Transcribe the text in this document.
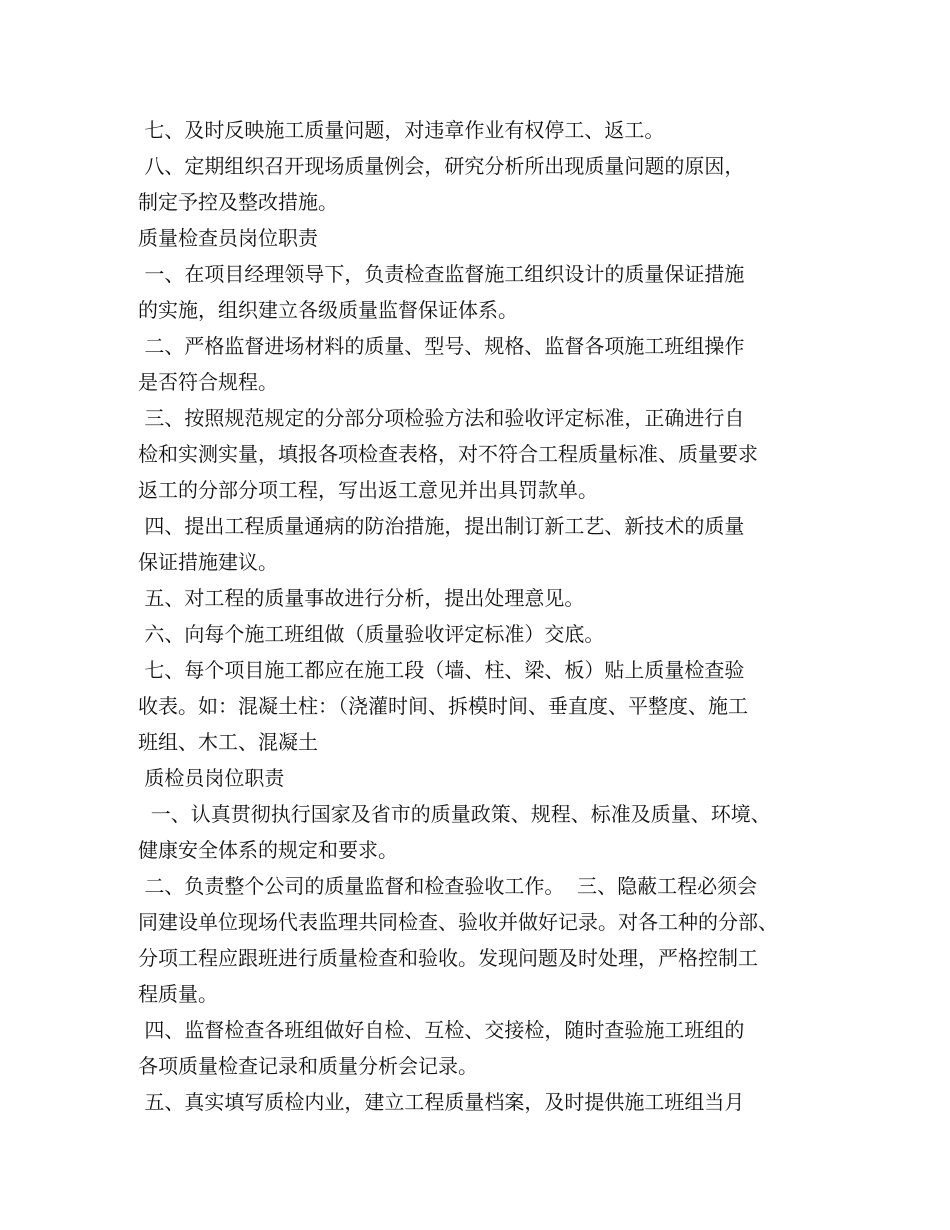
七、及时反映施工质量问题，对违章作业有权停工、返工。
八、定期组织召开现场质量例会，研究分析所出现质量问题的原因，
制定予控及整改措施。
质量检查员岗位职责
一、在项目经理领导下，负责检查监督施工组织设计的质量保证措施
的实施，组织建立各级质量监督保证体系。
二、严格监督进场材料的质量、型号、规格、监督各项施工班组操作
是否符合规程。
三、按照规范规定的分部分项检验方法和验收评定标准，正确进行自
检和实测实量，填报各项检查表格，对不符合工程质量标准、质量要求
返工的分部分项工程，写出返工意见并出具罚款单。
四、提出工程质量通病的防治措施，提出制订新工艺、新技术的质量
保证措施建议。
五、对工程的质量事故进行分析，提出处理意见。
六、向每个施工班组做（质量验收评定标准）交底。
七、每个项目施工都应在施工段（墙、柱、梁、板）贴上质量检查验
收表。如：混凝土柱：（浇灌时间、拆模时间、垂直度、平整度、施工
班组、木工、混凝土
质检员岗位职责
一、认真贯彻执行国家及省市的质量政策、规程、标准及质量、环境、
健康安全体系的规定和要求。
二、负责整个公司的质量监督和检查验收工作。  三、隐蔽工程必须会
同建设单位现场代表监理共同检查、验收并做好记录。对各工种的分部、
分项工程应跟班进行质量检查和验收。发现问题及时处理，严格控制工
程质量。
四、监督检查各班组做好自检、互检、交接检，随时查验施工班组的
各项质量检查记录和质量分析会记录。
五、真实填写质检内业，建立工程质量档案，及时提供施工班组当月
